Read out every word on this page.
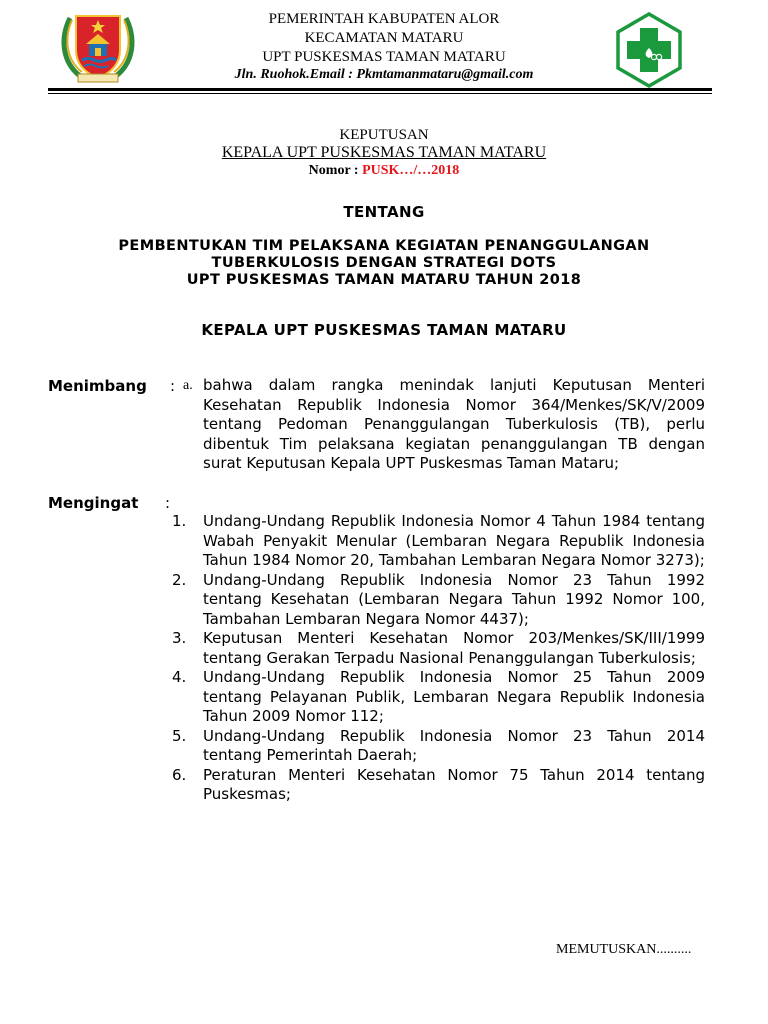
PEMERINTAH KABUPATEN ALOR
KECAMATAN MATARU
UPT PUSKESMAS TAMAN MATARU
Jln. Ruohok.Email : Pkmtamanmataru@gmail.com
KEPUTUSAN
KEPALA UPT PUSKESMAS TAMAN MATARU
Nomor : PUSK…/…2018
TENTANG
PEMBENTUKAN TIM PELAKSANA KEGIATAN PENANGGULANGAN
TUBERKULOSIS DENGAN STRATEGI DOTS
UPT PUSKESMAS TAMAN MATARU TAHUN 2018
KEPALA UPT PUSKESMAS TAMAN MATARU
Menimbang : a. bahwa dalam rangka menindak lanjuti Keputusan Menteri Kesehatan Republik Indonesia Nomor 364/Menkes/SK/V/2009 tentang Pedoman Penanggulangan Tuberkulosis (TB), perlu dibentuk Tim pelaksana kegiatan penanggulangan TB dengan surat Keputusan Kepala UPT Puskesmas Taman Mataru;
Mengingat :
1.	Undang-Undang Republik Indonesia Nomor 4 Tahun 1984 tentang Wabah Penyakit Menular (Lembaran Negara Republik Indonesia Tahun 1984 Nomor 20, Tambahan Lembaran Negara Nomor 3273);
2.	Undang-Undang Republik Indonesia Nomor 23 Tahun 1992 tentang Kesehatan (Lembaran Negara Tahun 1992 Nomor 100, Tambahan Lembaran Negara Nomor 4437);
3.	Keputusan Menteri Kesehatan Nomor 203/Menkes/SK/III/1999 tentang Gerakan Terpadu Nasional Penanggulangan Tuberkulosis;
4.	Undang-Undang Republik Indonesia Nomor 25 Tahun 2009 tentang Pelayanan Publik, Lembaran Negara Republik Indonesia Tahun 2009 Nomor 112;
5.	Undang-Undang Republik Indonesia Nomor 23 Tahun 2014 tentang Pemerintah Daerah;
6.	Peraturan Menteri Kesehatan Nomor 75 Tahun 2014 tentang Puskesmas;
MEMUTUSKAN..........
